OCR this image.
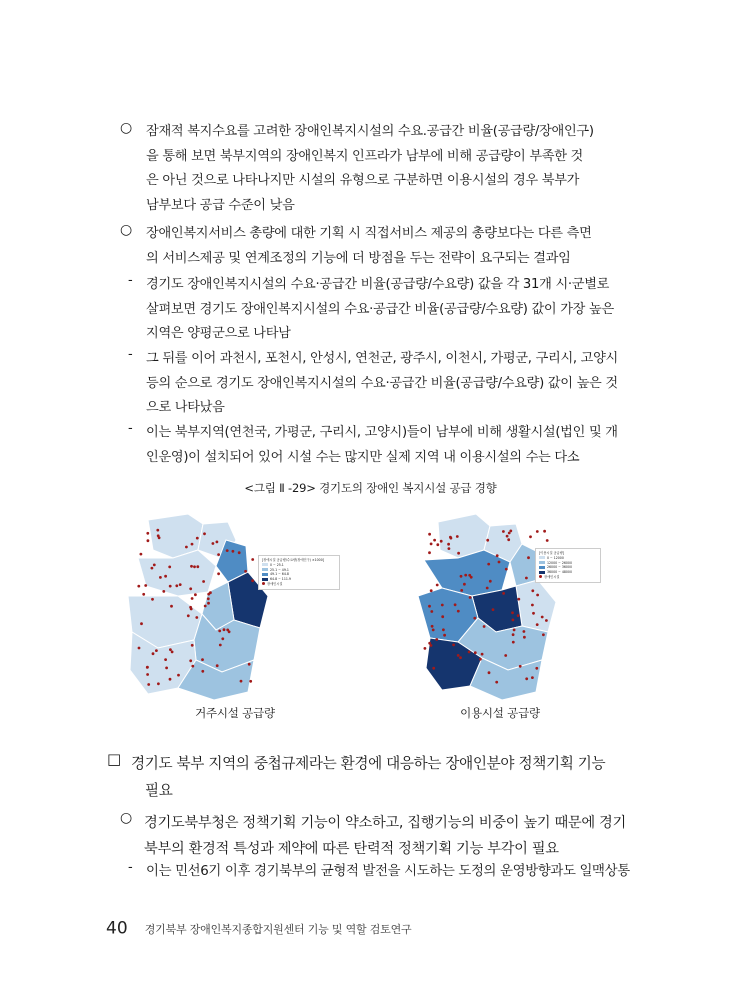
○ 잠재적 복지수요를 고려한 장애인복지시설의 수요.공급간 비율(공급량/장애인구)
을 통해 보면 북부지역의 장애인복지 인프라가 남부에 비해 공급량이 부족한 것
은 아닌 것으로 나타나지만 시설의 유형으로 구분하면 이용시설의 경우 북부가
남부보다 공급 수준이 낮음
○ 장애인복지서비스 총량에 대한 기획 시 직접서비스 제공의 총량보다는 다른 측면
의 서비스제공 및 연계조정의 기능에 더 방점을 두는 전략이 요구되는 결과임
- 경기도 장애인복지시설의 수요·공급간 비율(공급량/수요량) 값을 각 31개 시·군별로
살펴보면 경기도 장애인복지시설의 수요·공급간 비율(공급량/수요량) 값이 가장 높은
지역은 양평군으로 나타남
- 그 뒤를 이어 과천시, 포천시, 안성시, 연천군, 광주시, 이천시, 가평군, 구리시, 고양시
등의 순으로 경기도 장애인복지시설의 수요·공급간 비율(공급량/수요량) 값이 높은 것
으로 나타났음
- 이는 북부지역(연천국, 가평군, 구리시, 고양시)들이 남부에 비해 생활시설(법인 및 개
인운영)이 설치되어 있어 시설 수는 많지만 실제 지역 내 이용시설의 수는 다소
<그림 Ⅱ -29> 경기도의 장애인 복지시설 공급 경향
[장애시설 공급량/수요량(장애인구) ×1000]
0 ~ 25.1
25.1 ~ 49.1
49.1 ~ 64.8
64.8 ~ 111.9
장애인시설
거주시설 공급량
[이용시설 공급량]
0 ~ 12000
12000 ~ 26000
26000 ~ 36000
36000 ~ 48000
장애인시설
이용시설 공급량
□ 경기도 북부 지역의 중첩규제라는 환경에 대응하는 장애인분야 정책기획 기능
필요
○ 경기도북부청은 정책기획 기능이 약소하고, 집행기능의 비중이 높기 때문에 경기
북부의 환경적 특성과 제약에 따른 탄력적 정책기획 기능 부각이 필요
- 이는 민선6기 이후 경기북부의 균형적 발전을 시도하는 도정의 운영방향과도 일맥상통
40 경기북부 장애인복지종합지원센터 기능 및 역할 검토연구
